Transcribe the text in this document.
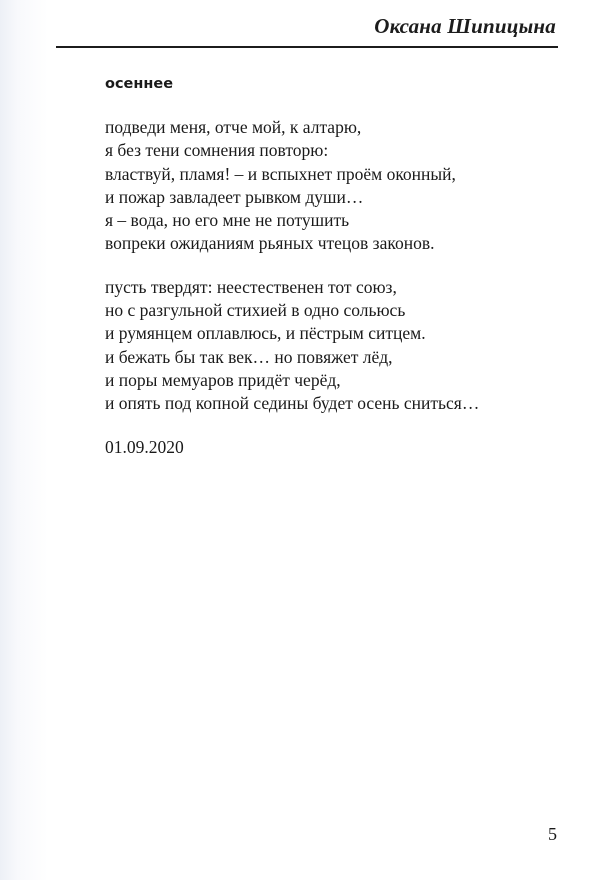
Оксана Шипицына
осеннее
подведи меня, отче мой, к алтарю,
я без тени сомнения повторю:
властвуй, пламя! – и вспыхнет проём оконный,
и пожар завладеет рывком души…
я – вода, но его мне не потушить
вопреки ожиданиям рьяных чтецов законов.
пусть твердят: неестественен тот союз,
но с разгульной стихией в одно сольюсь
и румянцем оплавлюсь, и пёстрым ситцем.
и бежать бы так век… но повяжет лёд,
и поры мемуаров придёт черёд,
и опять под копной седины будет осень сниться…
01.09.2020
5
